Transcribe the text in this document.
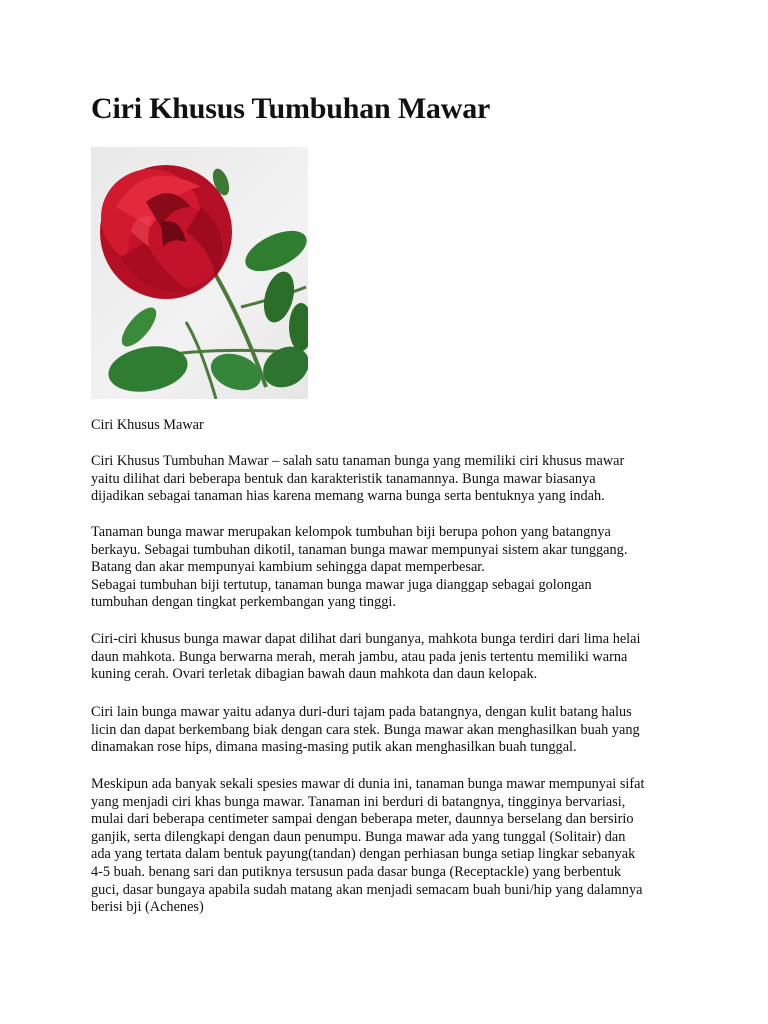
Ciri Khusus Tumbuhan Mawar

Ciri Khusus Mawar

Ciri Khusus Tumbuhan Mawar – salah satu tanaman bunga yang memiliki ciri khusus mawar
yaitu dilihat dari beberapa bentuk dan karakteristik tanamannya. Bunga mawar biasanya
dijadikan sebagai tanaman hias karena memang warna bunga serta bentuknya yang indah.

Tanaman bunga mawar merupakan kelompok tumbuhan biji berupa pohon yang batangnya
berkayu. Sebagai tumbuhan dikotil, tanaman bunga mawar mempunyai sistem akar tunggang.
Batang dan akar mempunyai kambium sehingga dapat memperbesar.
Sebagai tumbuhan biji tertutup, tanaman bunga mawar juga dianggap sebagai golongan
tumbuhan dengan tingkat perkembangan yang tinggi.

Ciri-ciri khusus bunga mawar dapat dilihat dari bunganya, mahkota bunga terdiri dari lima helai
daun mahkota. Bunga berwarna merah, merah jambu, atau pada jenis tertentu memiliki warna
kuning cerah. Ovari terletak dibagian bawah daun mahkota dan daun kelopak.

Ciri lain bunga mawar yaitu adanya duri-duri tajam pada batangnya, dengan kulit batang halus
licin dan dapat berkembang biak dengan cara stek. Bunga mawar akan menghasilkan buah yang
dinamakan rose hips, dimana masing-masing putik akan menghasilkan buah tunggal.

Meskipun ada banyak sekali spesies mawar di dunia ini, tanaman bunga mawar mempunyai sifat
yang menjadi ciri khas bunga mawar. Tanaman ini berduri di batangnya, tingginya bervariasi,
mulai dari beberapa centimeter sampai dengan beberapa meter, daunnya berselang dan bersirio
ganjik, serta dilengkapi dengan daun penumpu. Bunga mawar ada yang tunggal (Solitair) dan
ada yang tertata dalam bentuk payung(tandan) dengan perhiasan bunga setiap lingkar sebanyak
4-5 buah. benang sari dan putiknya tersusun pada dasar bunga (Receptackle) yang berbentuk
guci, dasar bungaya apabila sudah matang akan menjadi semacam buah buni/hip yang dalamnya
berisi bji (Achenes)
